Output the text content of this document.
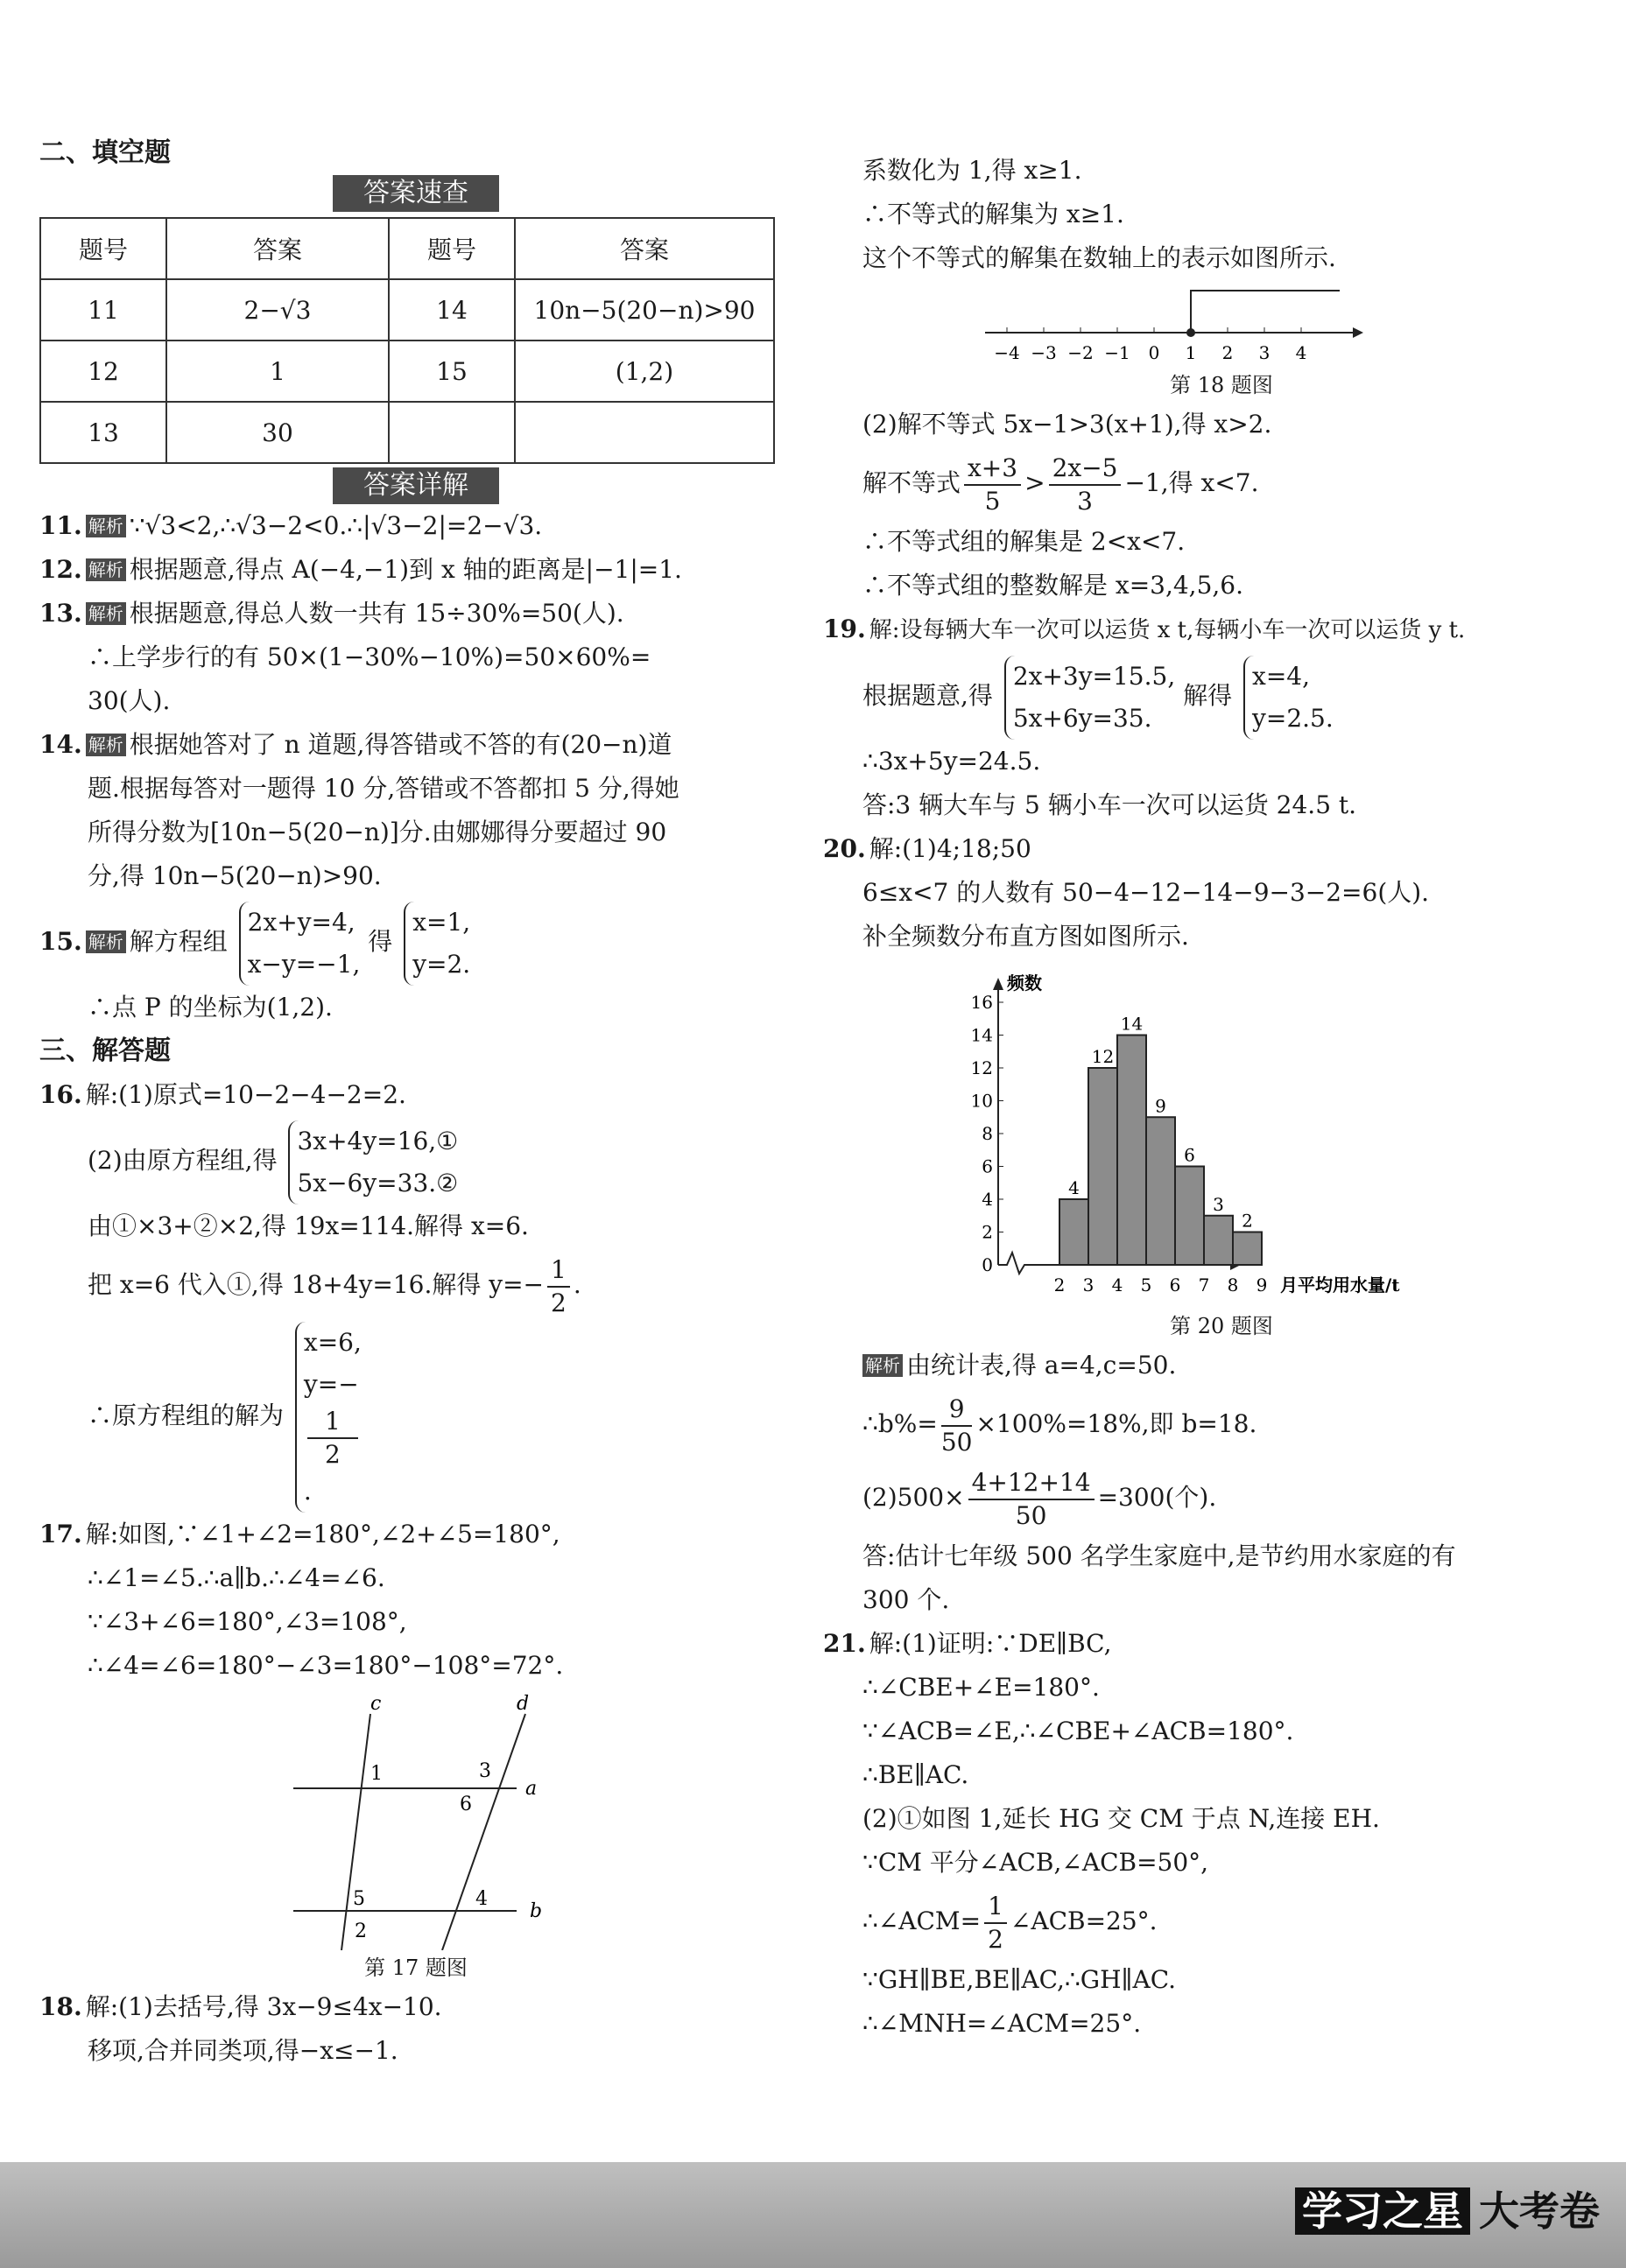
二、填空题
答案速查
题号	答案	题号	答案
11	2−√3	14	10n−5(20−n)>90
12	1	15	(1,2)
13	30		
答案详解
11. 解析 ∵√3<2,∴√3−2<0.∴|√3−2|=2−√3.
12. 解析 根据题意,得点 A(−4,−1)到 x 轴的距离是|−1|=1.
13. 解析 根据题意,得总人数一共有 15÷30%=50(人).
∴上学步行的有 50×(1−30%−10%)=50×60%=
30(人).
14. 解析 根据她答对了 n 道题,得答错或不答的有(20−n)道
题.根据每答对一题得 10 分,答错或不答都扣 5 分,得她
所得分数为[10n−5(20−n)]分.由娜娜得分要超过 90
分,得 10n−5(20−n)>90.
15. 解析 解方程组
2x+y=4,
x−y=−1,
得
x=1,
y=2.
∴点 P 的坐标为(1,2).
三、解答题
16. 解:(1)原式=10−2−4−2=2.
(2)由原方程组,得
3x+4y=16,①
5x−6y=33.②
由①×3+②×2,得 19x=114.解得 x=6.
把 x=6 代入①,得 18+4y=16.解得 $y=- \frac{1}{2}$ .
∴原方程组的解为
x=6,
y=−
1
2
.
17. 解:如图,∵∠1+∠2=180°,∠2+∠5=180°,
∴∠1=∠5.∴a∥b.∴∠4=∠6.
∵∠3+∠6=180°,∠3=108°,
∴∠4=∠6=180°−∠3=180°−108°=72°.
c	d
a
b
1
2
3
4
5
6
第 17 题图
18. 解:(1)去括号,得 3x−9≤4x−10.
移项,合并同类项,得−x≤−1.
系数化为 1,得 x≥1.
∴不等式的解集为 x≥1.
这个不等式的解集在数轴上的表示如图所示.
−4 −3 −2 −1 0 1 2 3 4
第 18 题图
(2)解不等式 5x−1>3(x+1),得 x>2.
解不等式 $\frac{x+3}{5} > \frac{2x-5}{3} -1$,得 x<7.
∴不等式组的解集是 2<x<7.
∴不等式组的整数解是 x=3,4,5,6.
19. 解:设每辆大车一次可以运货 x t,每辆小车一次可以运货 y t.
根据题意,得
2x+3y=15.5,
5x+6y=35.
解得
x=4,
y=2.5.
∴3x+5y=24.5.
答:3 辆大车与 5 辆小车一次可以运货 24.5 t.
20. 解:(1)4;18;50
6≤x<7 的人数有 50−4−12−14−9−3−2=6(人).
补全频数分布直方图如图所示.
频数
0
2
4
6
8
10
12
14
16
2 3 4 5 6 7 8 9 月平均用水量/t
4
12
14
9
6
3
2
第 20 题图
解析 由统计表,得 a=4,c=50.
∴b%= $\frac{9}{50} \times 100\%=18\%$,即 b=18.
$(2)500\times \frac{4+12+14}{50} =300$(个).
答:估计七年级 500 名学生家庭中,是节约用水家庭的有
300 个.
21. 解:(1)证明:∵DE∥BC,
∴∠CBE+∠E=180°.
∵∠ACB=∠E,∴∠CBE+∠ACB=180°.
∴BE∥AC.
(2)①如图 1,延长 HG 交 CM 于点 N,连接 EH.
∵CM 平分∠ACB,∠ACB=50°,
∴∠ACM= $\frac{1}{2}$ ∠ACB=25°.
∵GH∥BE,BE∥AC,∴GH∥AC.
∴∠MNH=∠ACM=25°.
学习之星 大考卷
